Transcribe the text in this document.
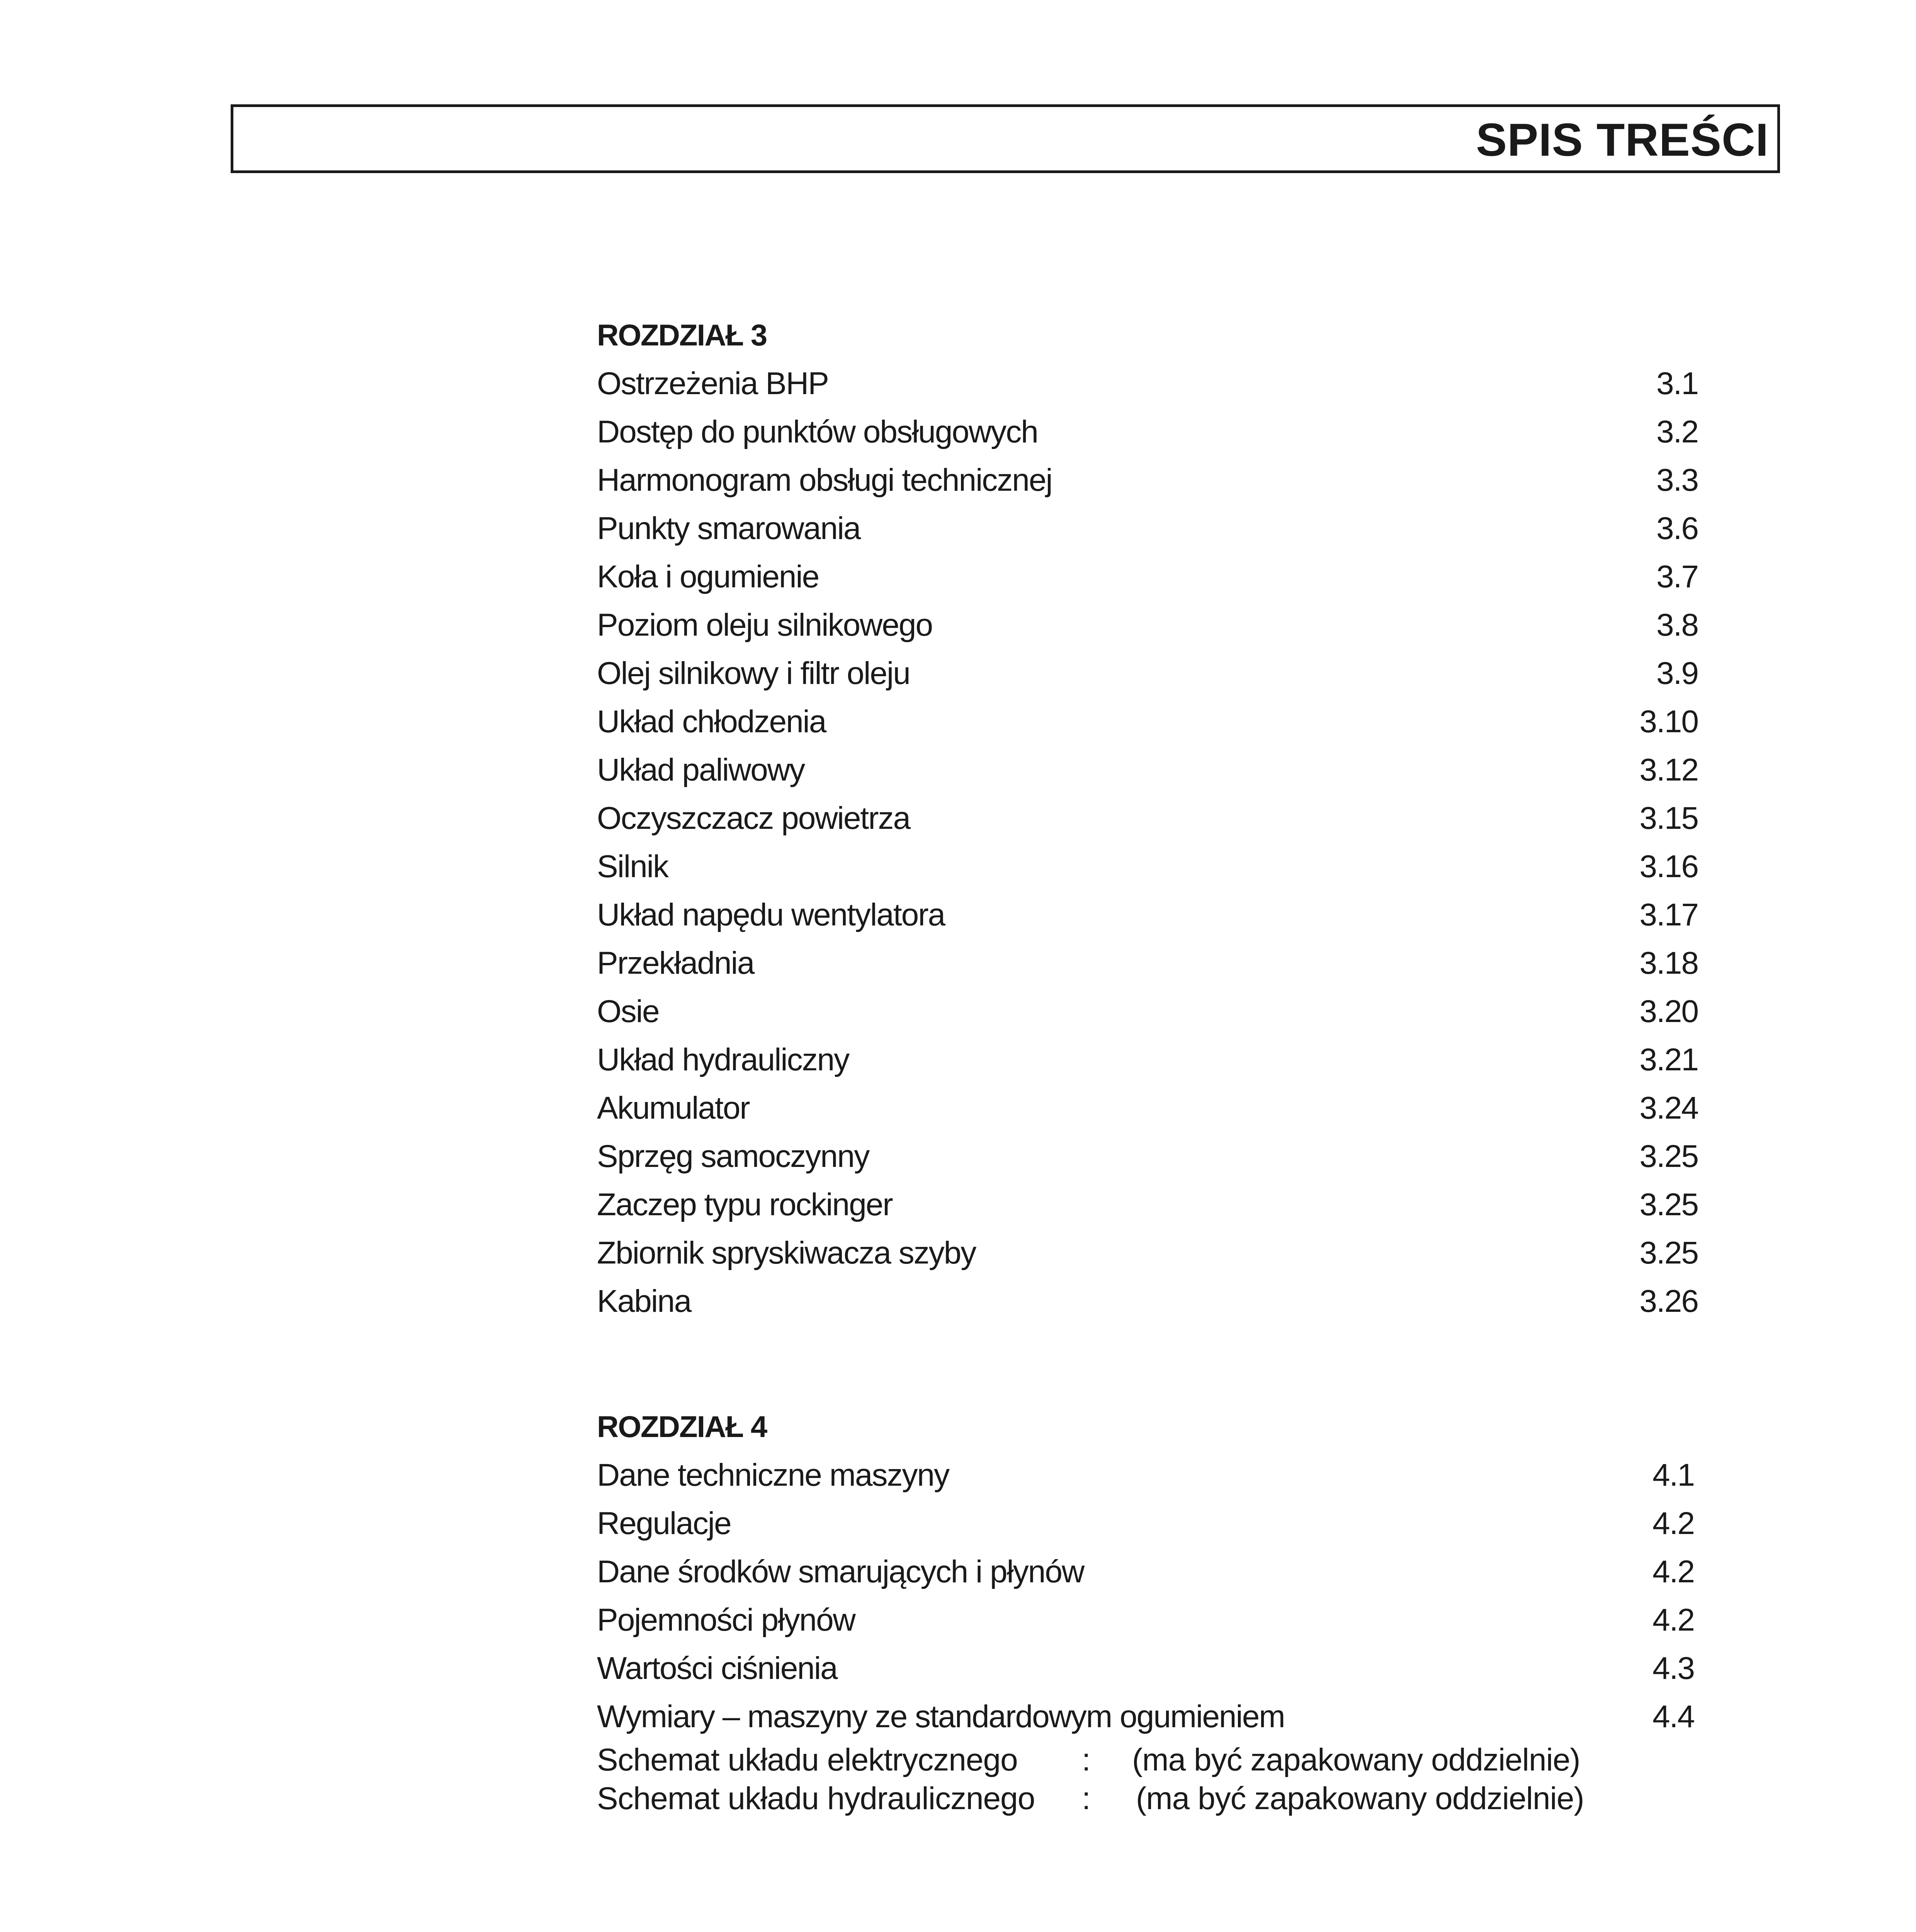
SPIS TREŚCI
ROZDZIAŁ 3
Ostrzeżenia BHP	3.1
Dostęp do punktów obsługowych	3.2
Harmonogram obsługi technicznej	3.3
Punkty smarowania	3.6
Koła i ogumienie	3.7
Poziom oleju silnikowego	3.8
Olej silnikowy i filtr oleju	3.9
Układ chłodzenia	3.10
Układ paliwowy	3.12
Oczyszczacz powietrza	3.15
Silnik	3.16
Układ napędu wentylatora	3.17
Przekładnia	3.18
Osie	3.20
Układ hydrauliczny	3.21
Akumulator	3.24
Sprzęg samoczynny	3.25
Zaczep typu rockinger	3.25
Zbiornik spryskiwacza szyby	3.25
Kabina	3.26
ROZDZIAŁ 4
Dane techniczne maszyny	4.1
Regulacje	4.2
Dane środków smarujących i płynów	4.2
Pojemności płynów	4.2
Wartości ciśnienia	4.3
Wymiary – maszyny ze standardowym ogumieniem	4.4
Schemat układu elektrycznego : (ma być zapakowany oddzielnie)
Schemat układu hydraulicznego : (ma być zapakowany oddzielnie)
